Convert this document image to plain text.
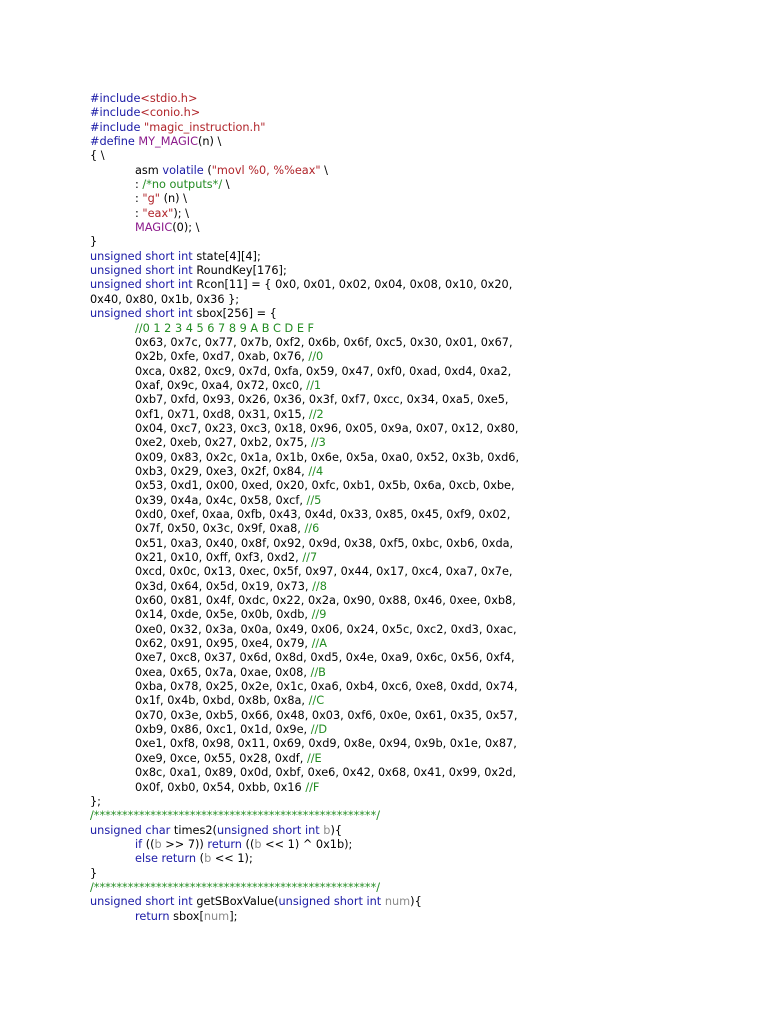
#include<stdio.h>
#include<conio.h>
#include "magic_instruction.h"
#define MY_MAGIC(n) \
{ \
asm volatile ("movl %0, %%eax" \
: /*no outputs*/ \
: "g" (n) \
: "eax"); \
MAGIC(0); \
}
unsigned short int state[4][4];
unsigned short int RoundKey[176];
unsigned short int Rcon[11] = { 0x0, 0x01, 0x02, 0x04, 0x08, 0x10, 0x20,
0x40, 0x80, 0x1b, 0x36 };
unsigned short int sbox[256] = {
//0 1 2 3 4 5 6 7 8 9 A B C D E F
0x63, 0x7c, 0x77, 0x7b, 0xf2, 0x6b, 0x6f, 0xc5, 0x30, 0x01, 0x67,
0x2b, 0xfe, 0xd7, 0xab, 0x76, //0
0xca, 0x82, 0xc9, 0x7d, 0xfa, 0x59, 0x47, 0xf0, 0xad, 0xd4, 0xa2,
0xaf, 0x9c, 0xa4, 0x72, 0xc0, //1
0xb7, 0xfd, 0x93, 0x26, 0x36, 0x3f, 0xf7, 0xcc, 0x34, 0xa5, 0xe5,
0xf1, 0x71, 0xd8, 0x31, 0x15, //2
0x04, 0xc7, 0x23, 0xc3, 0x18, 0x96, 0x05, 0x9a, 0x07, 0x12, 0x80,
0xe2, 0xeb, 0x27, 0xb2, 0x75, //3
0x09, 0x83, 0x2c, 0x1a, 0x1b, 0x6e, 0x5a, 0xa0, 0x52, 0x3b, 0xd6,
0xb3, 0x29, 0xe3, 0x2f, 0x84, //4
0x53, 0xd1, 0x00, 0xed, 0x20, 0xfc, 0xb1, 0x5b, 0x6a, 0xcb, 0xbe,
0x39, 0x4a, 0x4c, 0x58, 0xcf, //5
0xd0, 0xef, 0xaa, 0xfb, 0x43, 0x4d, 0x33, 0x85, 0x45, 0xf9, 0x02,
0x7f, 0x50, 0x3c, 0x9f, 0xa8, //6
0x51, 0xa3, 0x40, 0x8f, 0x92, 0x9d, 0x38, 0xf5, 0xbc, 0xb6, 0xda,
0x21, 0x10, 0xff, 0xf3, 0xd2, //7
0xcd, 0x0c, 0x13, 0xec, 0x5f, 0x97, 0x44, 0x17, 0xc4, 0xa7, 0x7e,
0x3d, 0x64, 0x5d, 0x19, 0x73, //8
0x60, 0x81, 0x4f, 0xdc, 0x22, 0x2a, 0x90, 0x88, 0x46, 0xee, 0xb8,
0x14, 0xde, 0x5e, 0x0b, 0xdb, //9
0xe0, 0x32, 0x3a, 0x0a, 0x49, 0x06, 0x24, 0x5c, 0xc2, 0xd3, 0xac,
0x62, 0x91, 0x95, 0xe4, 0x79, //A
0xe7, 0xc8, 0x37, 0x6d, 0x8d, 0xd5, 0x4e, 0xa9, 0x6c, 0x56, 0xf4,
0xea, 0x65, 0x7a, 0xae, 0x08, //B
0xba, 0x78, 0x25, 0x2e, 0x1c, 0xa6, 0xb4, 0xc6, 0xe8, 0xdd, 0x74,
0x1f, 0x4b, 0xbd, 0x8b, 0x8a, //C
0x70, 0x3e, 0xb5, 0x66, 0x48, 0x03, 0xf6, 0x0e, 0x61, 0x35, 0x57,
0xb9, 0x86, 0xc1, 0x1d, 0x9e, //D
0xe1, 0xf8, 0x98, 0x11, 0x69, 0xd9, 0x8e, 0x94, 0x9b, 0x1e, 0x87,
0xe9, 0xce, 0x55, 0x28, 0xdf, //E
0x8c, 0xa1, 0x89, 0x0d, 0xbf, 0xe6, 0x42, 0x68, 0x41, 0x99, 0x2d,
0x0f, 0xb0, 0x54, 0xbb, 0x16 //F
};
/**************************************************/
unsigned char times2(unsigned short int b){
if ((b >> 7)) return ((b << 1) ^ 0x1b);
else return (b << 1);
}
/**************************************************/
unsigned short int getSBoxValue(unsigned short int num){
return sbox[num];
